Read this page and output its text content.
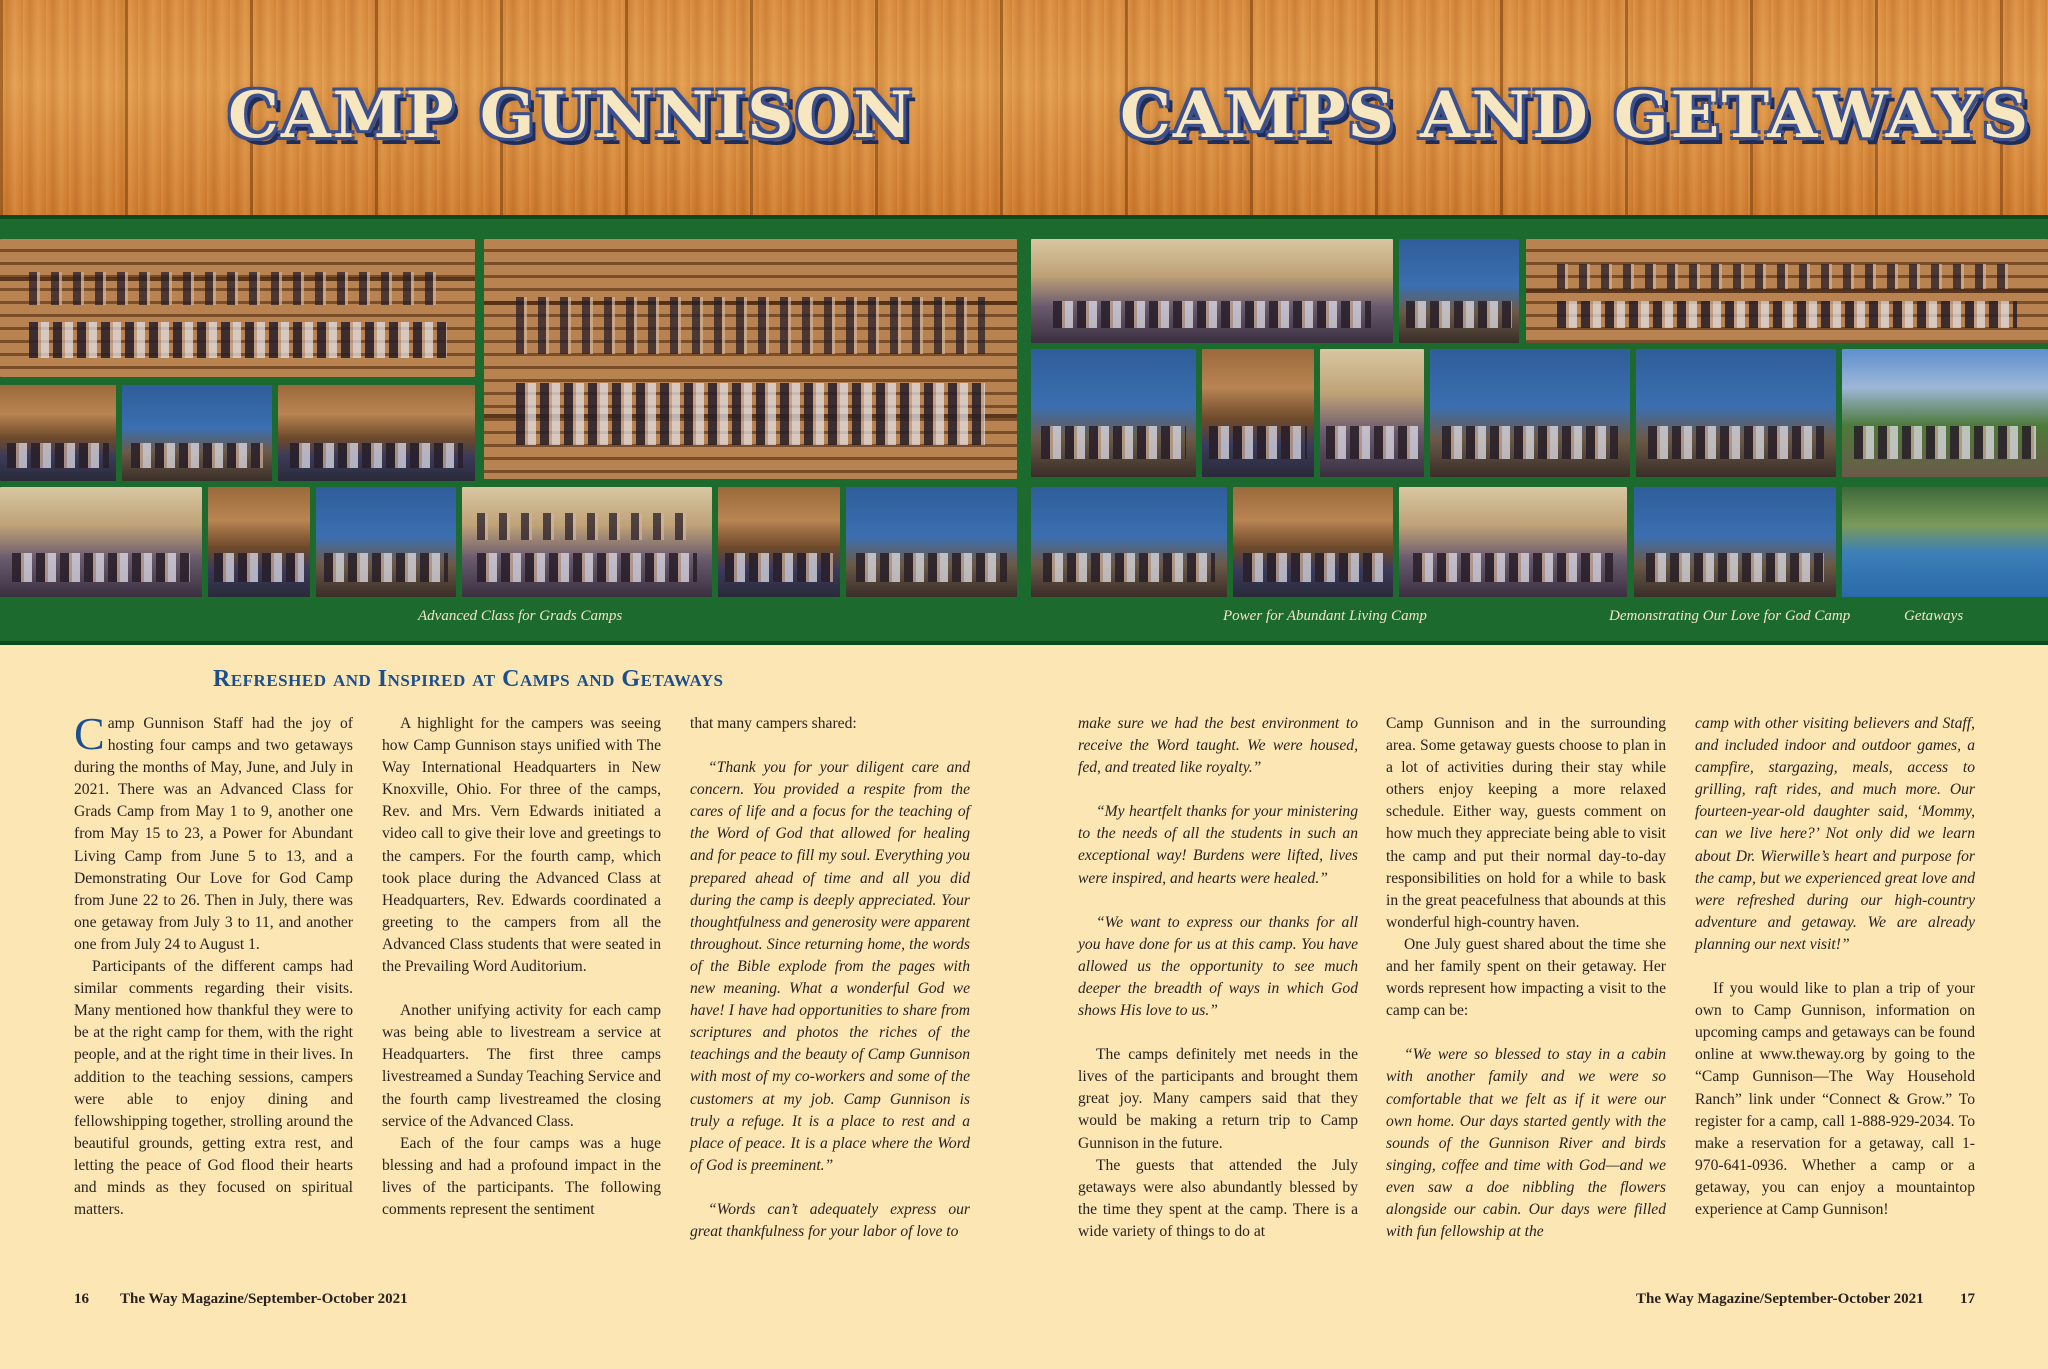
CAMP GUNNISON	CAMPS AND GETAWAYS
Advanced Class for Grads Camps	Power for Abundant Living Camp	Demonstrating Our Love for God Camp	Getaways
Refreshed and Inspired at Camps and Getaways

Camp Gunnison Staff had the joy of hosting four camps and two getaways during the months of May, June, and July in 2021. There was an Advanced Class for Grads Camp from May 1 to 9, another one from May 15 to 23, a Power for Abundant Living Camp from June 5 to 13, and a Demonstrating Our Love for God Camp from June 22 to 26. Then in July, there was one getaway from July 3 to 11, and another one from July 24 to August 1.

Participants of the different camps had similar comments regarding their visits. Many mentioned how thankful they were to be at the right camp for them, with the right people, and at the right time in their lives. In addition to the teaching sessions, campers were able to enjoy dining and fellowshipping together, strolling around the beautiful grounds, getting extra rest, and letting the peace of God flood their hearts and minds as they focused on spiritual matters.

A highlight for the campers was seeing how Camp Gunnison stays unified with The Way International Headquarters in New Knoxville, Ohio. For three of the camps, Rev. and Mrs. Vern Edwards initiated a video call to give their love and greetings to the campers. For the fourth camp, which took place during the Advanced Class at Headquarters, Rev. Edwards coordinated a greeting to the campers from all the Advanced Class students that were seated in the Prevailing Word Auditorium.

Another unifying activity for each camp was being able to livestream a service at Headquarters. The first three camps livestreamed a Sunday Teaching Service and the fourth camp livestreamed the closing service of the Advanced Class.

Each of the four camps was a huge blessing and had a profound impact in the lives of the participants. The following comments represent the sentiment

that many campers shared:

“Thank you for your diligent care and concern. You provided a respite from the cares of life and a focus for the teaching of the Word of God that allowed for healing and for peace to fill my soul. Everything you prepared ahead of time and all you did during the camp is deeply appreciated. Your thoughtfulness and generosity were apparent throughout. Since returning home, the words of the Bible explode from the pages with new meaning. What a wonderful God we have! I have had opportunities to share from scriptures and photos the riches of the teachings and the beauty of Camp Gunnison with most of my co-workers and some of the customers at my job. Camp Gunnison is truly a refuge. It is a place to rest and a place of peace. It is a place where the Word of God is preeminent.”

“Words can’t adequately express our great thankfulness for your labor of love to

make sure we had the best environment to receive the Word taught. We were housed, fed, and treated like royalty.”

“My heartfelt thanks for your ministering to the needs of all the students in such an exceptional way! Burdens were lifted, lives were inspired, and hearts were healed.”

“We want to express our thanks for all you have done for us at this camp. You have allowed us the opportunity to see much deeper the breadth of ways in which God shows His love to us.”

The camps definitely met needs in the lives of the participants and brought them great joy. Many campers said that they would be making a return trip to Camp Gunnison in the future.

The guests that attended the July getaways were also abundantly blessed by the time they spent at the camp. There is a wide variety of things to do at

Camp Gunnison and in the surrounding area. Some getaway guests choose to plan in a lot of activities during their stay while others enjoy keeping a more relaxed schedule. Either way, guests comment on how much they appreciate being able to visit the camp and put their normal day-to-day responsibilities on hold for a while to bask in the great peacefulness that abounds at this wonderful high-country haven.

One July guest shared about the time she and her family spent on their getaway. Her words represent how impacting a visit to the camp can be:

“We were so blessed to stay in a cabin with another family and we were so comfortable that we felt as if it were our own home. Our days started gently with the sounds of the Gunnison River and birds singing, coffee and time with God—and we even saw a doe nibbling the flowers alongside our cabin. Our days were filled with fun fellowship at the

camp with other visiting believers and Staff, and included indoor and outdoor games, a campfire, stargazing, meals, access to grilling, raft rides, and much more. Our fourteen-year-old daughter said, ‘Mommy, can we live here?’ Not only did we learn about Dr. Wierwille’s heart and purpose for the camp, but we experienced great love and were refreshed during our high-country adventure and getaway. We are already planning our next visit!”

If you would like to plan a trip of your own to Camp Gunnison, information on upcoming camps and getaways can be found online at www.theway.org by going to the “Camp Gunnison—The Way Household Ranch” link under “Connect & Grow.” To register for a camp, call 1-888-929-2034. To make a reservation for a getaway, call 1-970-641-0936. Whether a camp or a getaway, you can enjoy a mountaintop experience at Camp Gunnison!

16 The Way Magazine/September-October 2021	The Way Magazine/September-October 2021 17
